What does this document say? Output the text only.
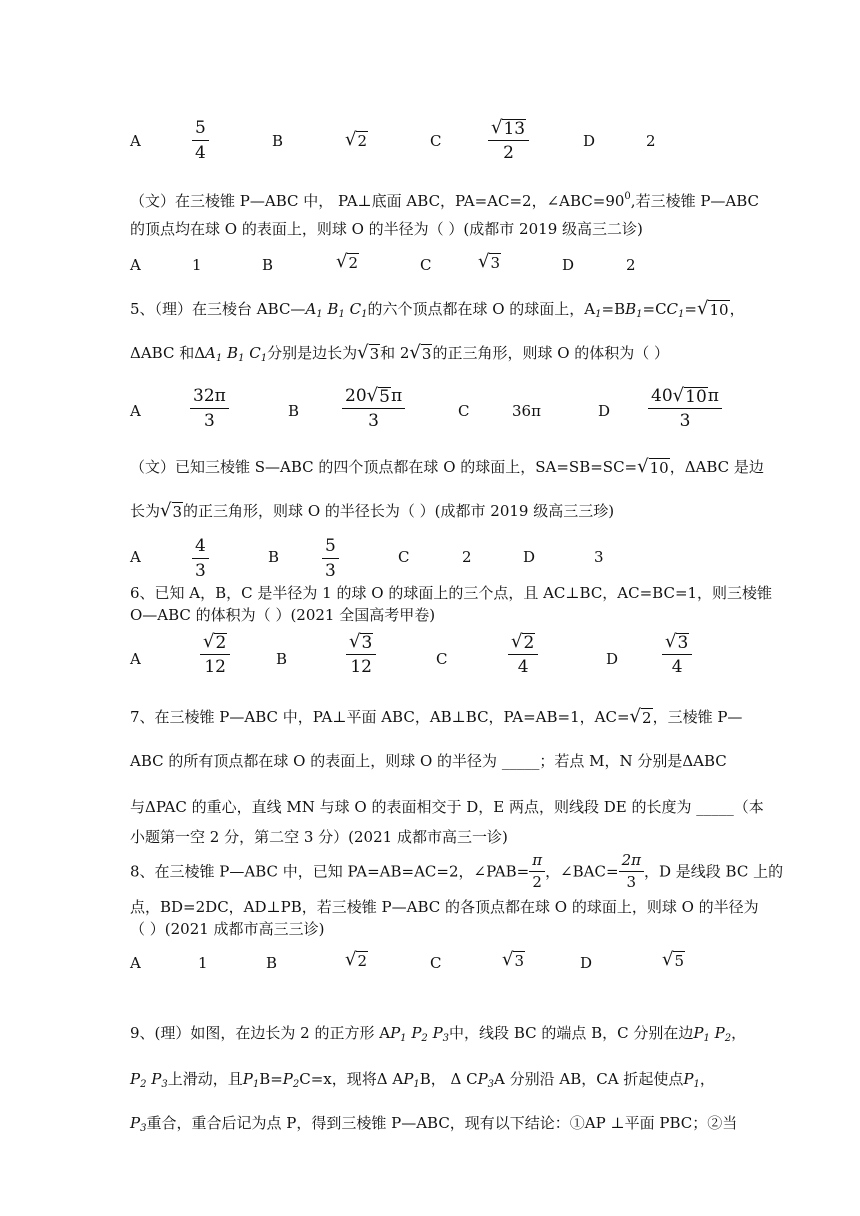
A	$\frac{5}{4}$	B	√ 2	C	$\frac{√ 13}{2}$	D	2
（文）在三棱锥 P—ABC 中， PA⊥底面 ABC，PA=AC=2，$\angle ABC=90^0$,若三棱锥 P—ABC
的顶点均在球 O 的表面上，则球 O 的半径为（ ）(成都市 2019 级高三二诊)
A	1	B	√ 2	C	√ 3	D	2
5、（理）在三棱台 $ABC—A_1$ $B_1$ $C_1$的六个顶点都在球 O 的球面上，$A_1=BB_1=CC_1=$ √ 10 ，
ΔABC 和$\Delta A_1$ $B_1$ $C_1$分别是边长为 √ 3 和 2 √ 3 的正三角形，则球 O 的体积为（ ）
A	$\frac{32\pi}{3}$	B	$\frac{20 √ 5 \pi}{3}$	C	36π	D $\frac{40 √ 10 \pi}{3}$
（文）已知三棱锥 S—ABC 的四个顶点都在球 O 的球面上，SA=SB=SC= √ 10 ，ΔABC 是边
长为 √ 3 的正三角形，则球 O 的半径长为（ ）(成都市 2019 级高三三珍)
A	$\frac{4}{3}$	B	$\frac{5}{3}$	C	2	D	3
6、已知 A，B，C 是半径为 1 的球 O 的球面上的三个点，且 AC⊥BC，AC=BC=1，则三棱锥
O—ABC 的体积为（ ）(2021 全国高考甲卷)
A	$\frac{√ 2}{12}$	B	$\frac{√ 3}{12}$	C	$\frac{√ 2}{4}$	D $\frac{√ 3}{4}$
7、在三棱锥 P—ABC 中，PA⊥平面 ABC，AB⊥BC，PA=AB=1，AC= √ 2 ，三棱锥 P—
ABC 的所有顶点都在球 O 的表面上，则球 O 的半径为 _____；若点 M，N 分别是ΔABC
与ΔPAC 的重心，直线 MN 与球 O 的表面相交于 D，E 两点，则线段 DE 的长度为 _____（本
小题第一空 2 分，第二空 3 分）(2021 成都市高三一诊)
8、在三棱锥 P—ABC 中，已知 PA=AB=AC=2，∠PAB= $\frac{\pi}{2}$ ，∠BAC= $\frac{2\pi}{3}$ ，D 是线段 BC 上的
点，BD=2DC，AD⊥PB，若三棱锥 P—ABC 的各顶点都在球 O 的球面上，则球 O 的半径为
（ ）(2021 成都市高三三诊)
A	1	B	√ 2	C	√ 3	D	√ 5
9、(理）如图，在边长为 2 的正方形 $AP_1$ $P_2$ $P_3$中，线段 BC 的端点 B，C 分别在边$P_1$ $P_2$，
$P_2$ $P_3$上滑动，且$P_1B=P_2C=x$，现将Δ $AP_1B$， Δ $CP_3A$ 分别沿 AB，CA 折起使点$P_1$，
$P_3$重合，重合后记为点 P，得到三棱锥 P—ABC，现有以下结论：①AP ⊥平面 PBC；②当
